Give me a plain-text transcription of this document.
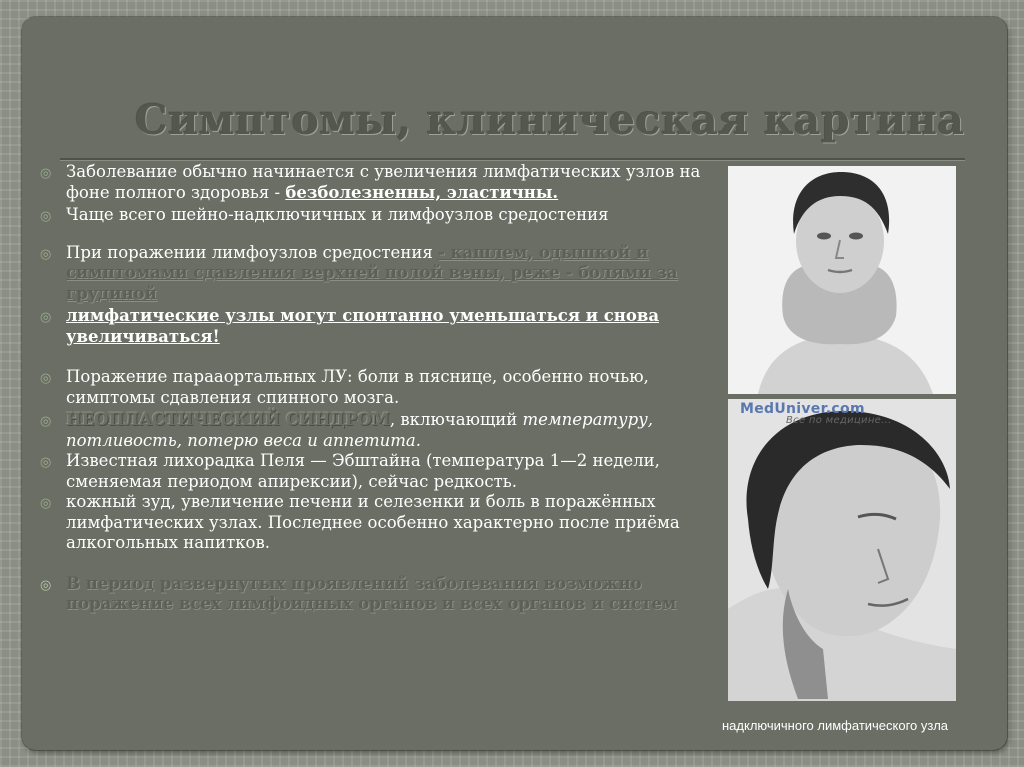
Симптомы, клиническая картина

◎ Заболевание обычно начинается с увеличения лимфатических узлов на фоне полного здоровья - безболезненны, эластичны.

◎ Чаще всего шейно-надключичных и лимфоузлов средостения

◎ При поражении лимфоузлов средостения - кашлем, одышкой и симптомами сдавления верхней полой вены, реже - болями за грудиной

◎ лимфатические узлы могут спонтанно уменьшаться и снова увеличиваться!

◎ Поражение парааортальных ЛУ: боли в пяснице, особенно ночью, симптомы сдавления спинного мозга.

◎ НЕОПЛАСТИЧЕСКИЙ СИНДРОМ, включающий температуру, потливость, потерю веса и аппетита.

◎ Известная лихорадка Пеля — Эбштайна (температура 1—2 недели, сменяемая периодом апирексии), сейчас редкость.

◎ кожный зуд, увеличение печени и селезенки и боль в поражённых лимфатических узлах. Последнее особенно характерно после приёма алкогольных напитков.

◎ В период развернутых проявлений заболевания возможно поражение всех лимфоидных органов и всех органов и систем

MedUniver.com
Все по медицине...
надключичного лимфатического узла
